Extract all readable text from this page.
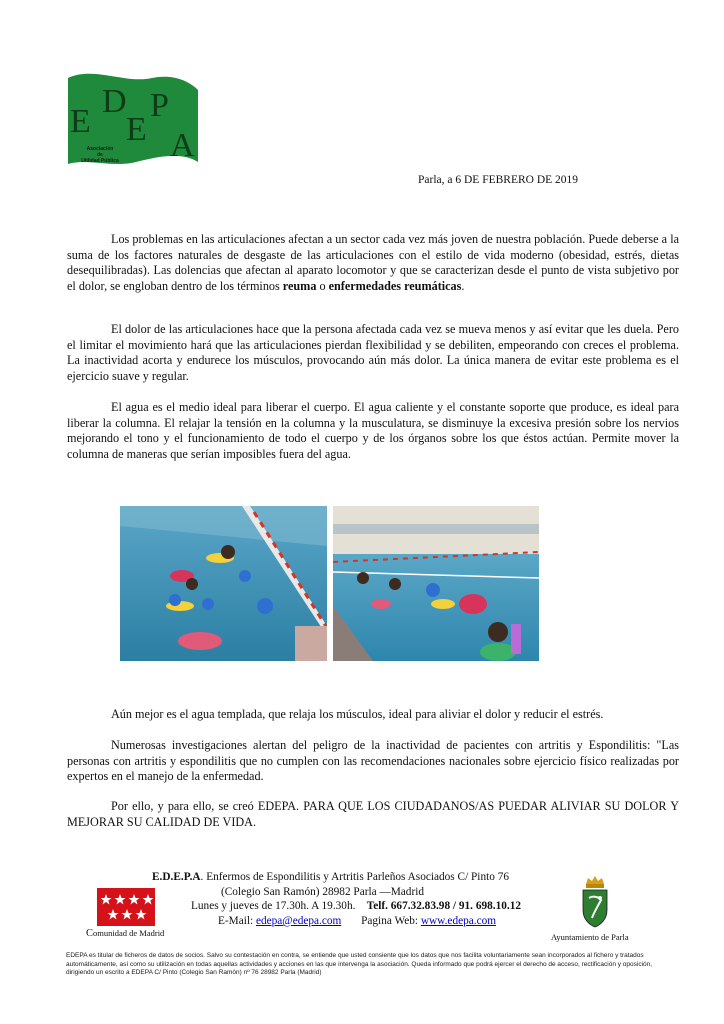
E
D
E
P
A
Asociación
de
Utilidad Pública
Parla, a 6 DE FEBRERO DE 2019

Los problemas en las articulaciones afectan a un sector cada vez más joven de nuestra población. Puede deberse a la suma de los factores naturales de desgaste de las articulaciones con el estilo de vida moderno (obesidad, estrés, dietas desequilibradas). Las dolencias que afectan al aparato locomotor y que se caracterizan desde el punto de vista subjetivo por el dolor, se engloban dentro de los términos reuma o enfermedades reumáticas.

El dolor de las articulaciones hace que la persona afectada cada vez se mueva menos y así evitar que les duela. Pero el limitar el movimiento hará que las articulaciones pierdan flexibilidad y se debiliten, empeorando con creces el problema. La inactividad acorta y endurece los músculos, provocando aún más dolor. La única manera de evitar este problema es el ejercicio suave y regular.

El agua es el medio ideal para liberar el cuerpo. El agua caliente y el constante soporte que produce, es ideal para liberar la columna. El relajar la tensión en la columna y la musculatura, se disminuye la excesiva presión sobre los nervios mejorando el tono y el funcionamiento de todo el cuerpo y de los órganos sobre los que éstos actúan. Permite mover la columna de maneras que serían imposibles fuera del agua.

Aún mejor es el agua templada, que relaja los músculos, ideal para aliviar el dolor y reducir el estrés.

Numerosas investigaciones alertan del peligro de la inactividad de pacientes con artritis y Espondilitis: "Las personas con artritis y espondilitis que no cumplen con las recomendaciones nacionales sobre ejercicio físico realizadas por expertos en el manejo de la enfermedad.

Por ello, y para ello, se creó EDEPA. PARA QUE LOS CIUDADANOS/AS PUEDAR ALIVIAR SU DOLOR Y MEJORAR SU CALIDAD DE VIDA.

Comunidad de Madrid
E.D.E.P.A. Enfermos de Espondilitis y Artritis Parleños Asociados C/ Pinto 76
(Colegio San Ramón) 28982 Parla —Madrid
Lunes y jueves de 17.30h. A 19.30h. Telf. 667.32.83.98 / 91. 698.10.12
E-Mail: edepa@edepa.com Pagina Web: www.edepa.com
Ayuntamiento de Parla
EDEPA es titular de ficheros de datos de socios. Salvo su contestación en contra, se entiende que usted consiente que los datos que nos facilita voluntariamente sean incorporados al fichero y tratados automáticamente, así como su utilización en todas aquellas actividades y acciones en las que intervenga la asociación. Queda informado que podrá ejercer el derecho de acceso, rectificación y oposición, dirigiendo un escrito a EDEPA C/ Pinto (Colegio San Ramón) nº 76 28982 Parla (Madrid)
